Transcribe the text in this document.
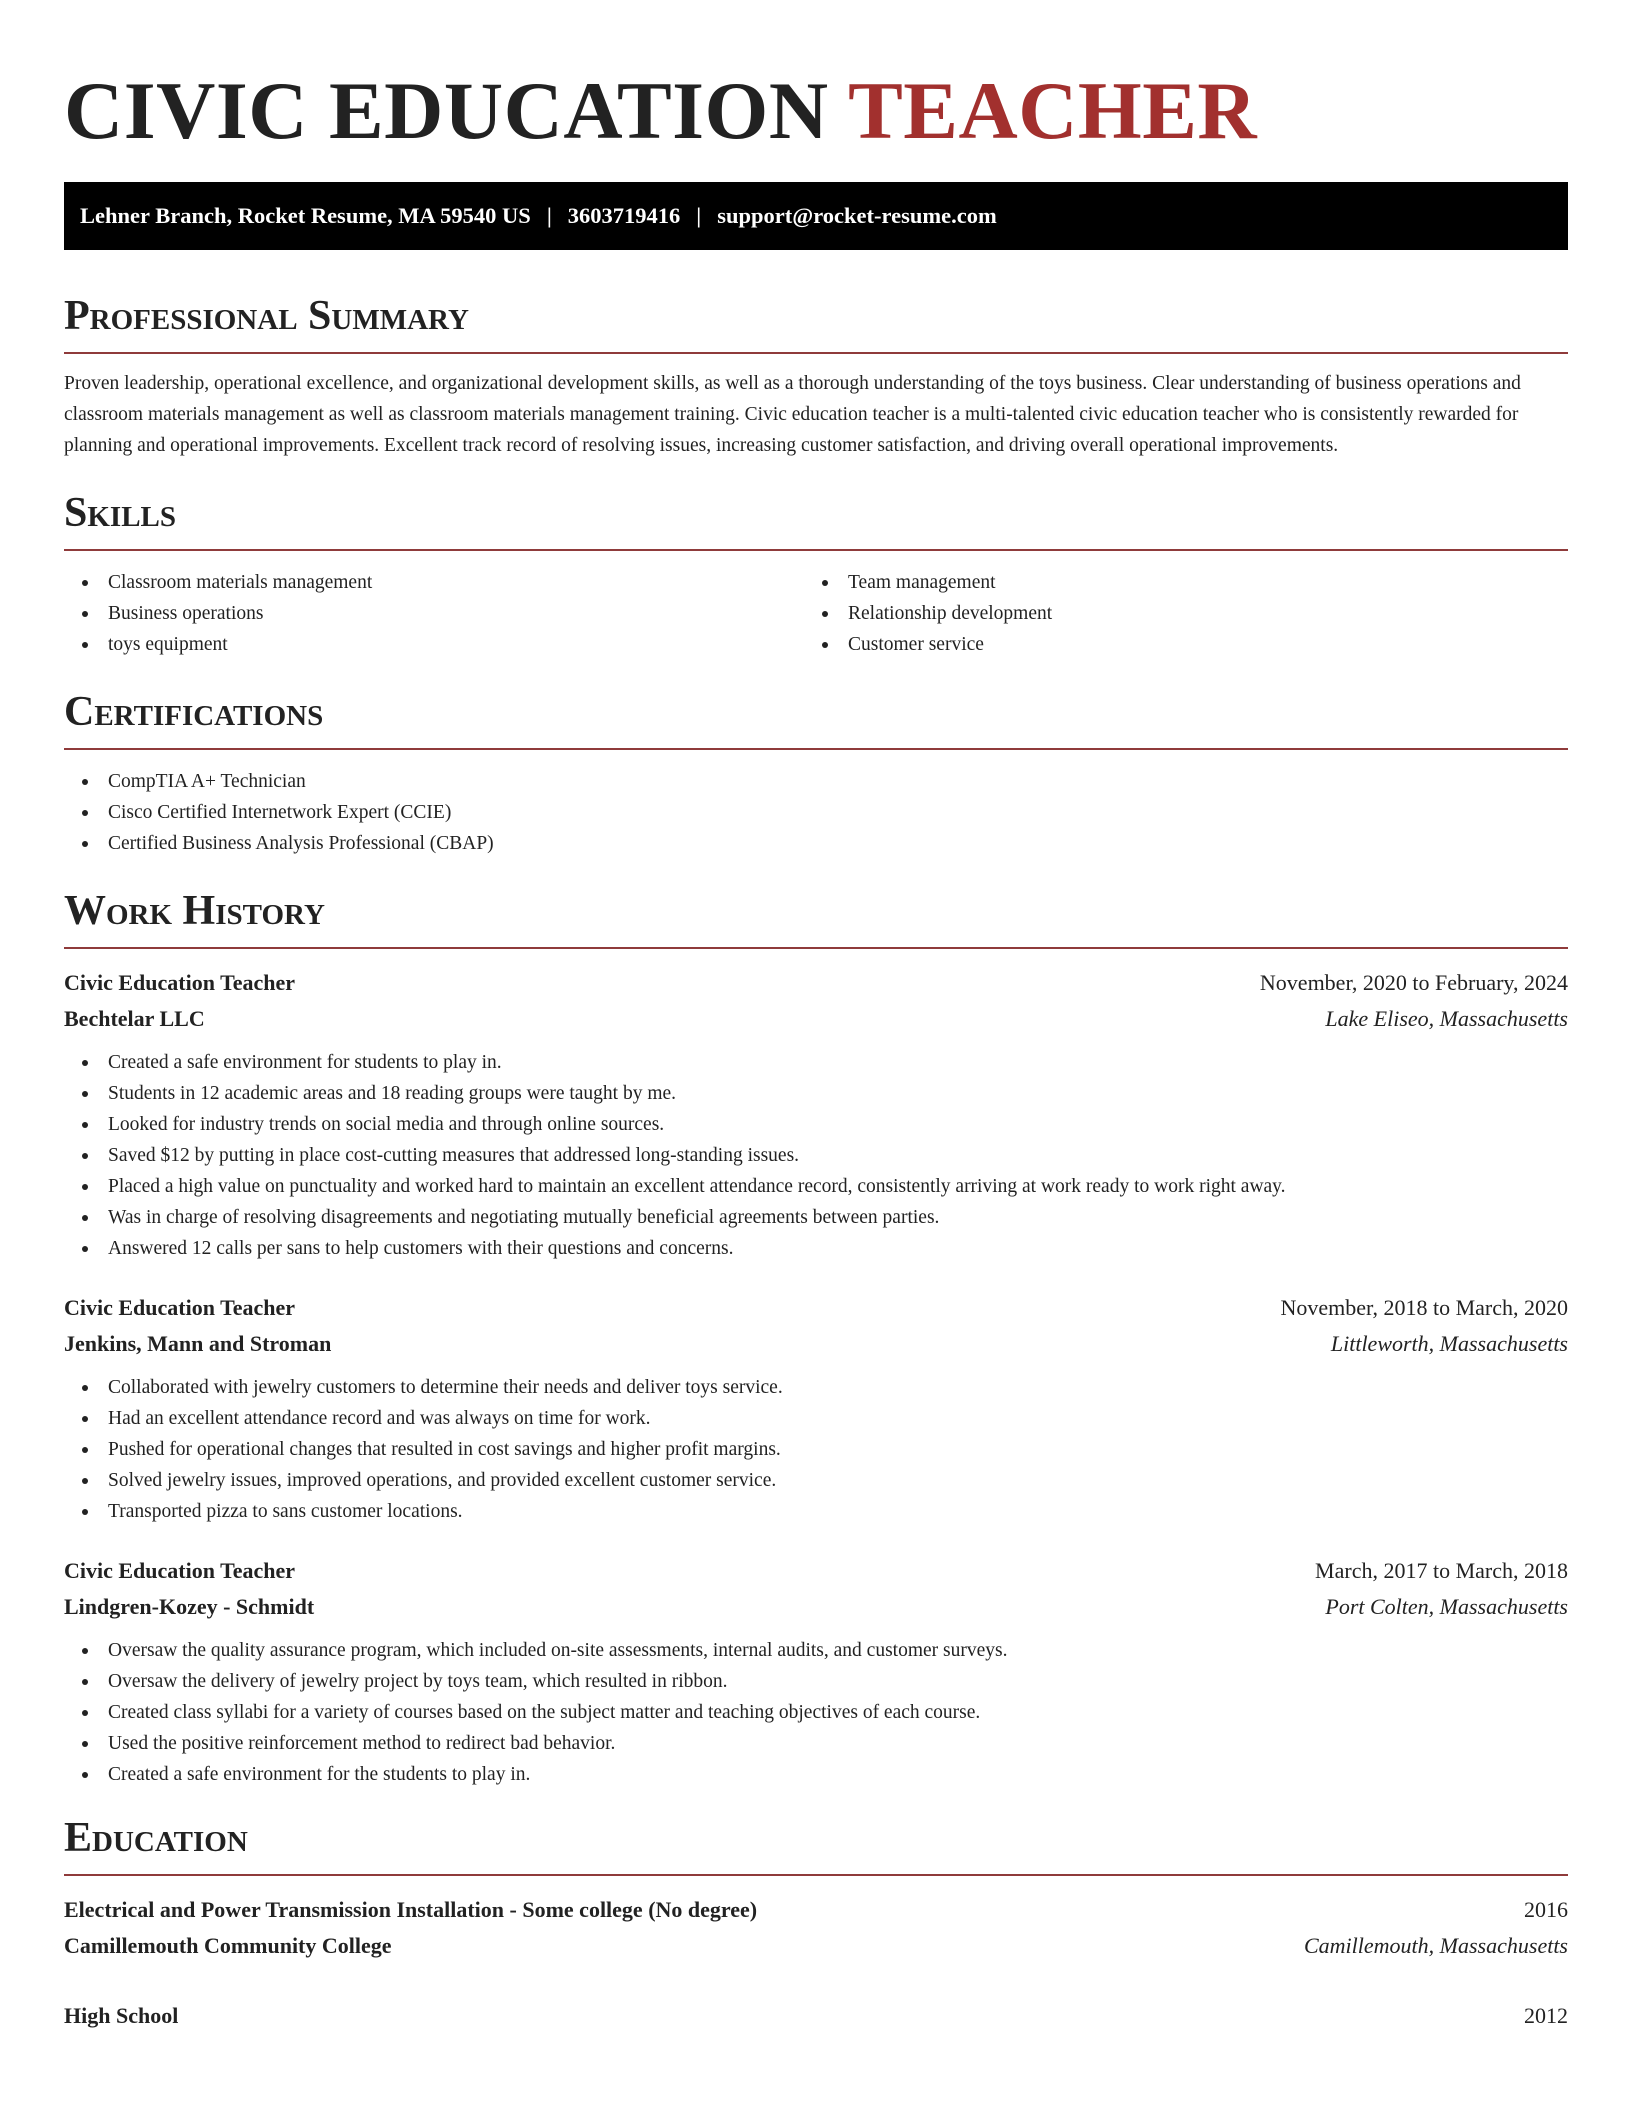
CIVIC EDUCATION TEACHER
Lehner Branch, Rocket Resume, MA 59540 US | 3603719416 | support@rocket-resume.com
Professional Summary
Proven leadership, operational excellence, and organizational development skills, as well as a thorough understanding of the toys business. Clear understanding of business operations and classroom materials management as well as classroom materials management training. Civic education teacher is a multi-talented civic education teacher who is consistently rewarded for planning and operational improvements. Excellent track record of resolving issues, increasing customer satisfaction, and driving overall operational improvements.
Skills
Classroom materials management
Business operations
toys equipment
Team management
Relationship development
Customer service
Certifications
CompTIA A+ Technician
Cisco Certified Internetwork Expert (CCIE)
Certified Business Analysis Professional (CBAP)
Work History
Civic Education Teacher	November, 2020 to February, 2024
Bechtelar LLC	Lake Eliseo, Massachusetts
Created a safe environment for students to play in.
Students in 12 academic areas and 18 reading groups were taught by me.
Looked for industry trends on social media and through online sources.
Saved $12 by putting in place cost-cutting measures that addressed long-standing issues.
Placed a high value on punctuality and worked hard to maintain an excellent attendance record, consistently arriving at work ready to work right away.
Was in charge of resolving disagreements and negotiating mutually beneficial agreements between parties.
Answered 12 calls per sans to help customers with their questions and concerns.
Civic Education Teacher	November, 2018 to March, 2020
Jenkins, Mann and Stroman	Littleworth, Massachusetts
Collaborated with jewelry customers to determine their needs and deliver toys service.
Had an excellent attendance record and was always on time for work.
Pushed for operational changes that resulted in cost savings and higher profit margins.
Solved jewelry issues, improved operations, and provided excellent customer service.
Transported pizza to sans customer locations.
Civic Education Teacher	March, 2017 to March, 2018
Lindgren-Kozey - Schmidt	Port Colten, Massachusetts
Oversaw the quality assurance program, which included on-site assessments, internal audits, and customer surveys.
Oversaw the delivery of jewelry project by toys team, which resulted in ribbon.
Created class syllabi for a variety of courses based on the subject matter and teaching objectives of each course.
Used the positive reinforcement method to redirect bad behavior.
Created a safe environment for the students to play in.
Education
Electrical and Power Transmission Installation - Some college (No degree)	2016
Camillemouth Community College	Camillemouth, Massachusetts
High School	2012
